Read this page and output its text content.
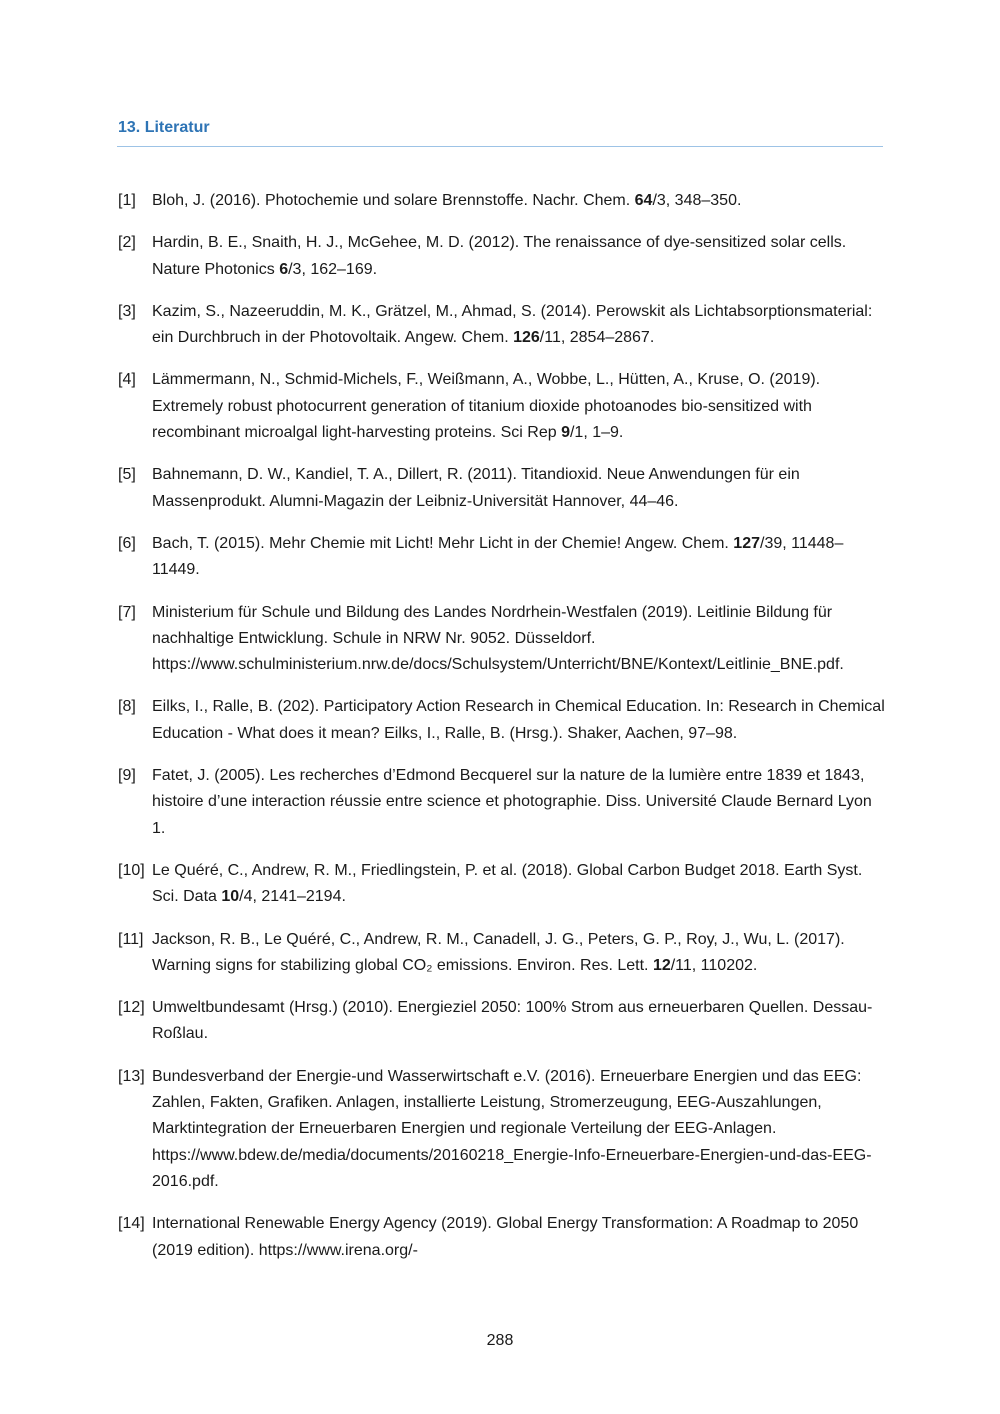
13. Literatur
[1]	Bloh, J. (2016). Photochemie und solare Brennstoffe. Nachr. Chem. 64/3, 348–350.
[2]	Hardin, B. E., Snaith, H. J., McGehee, M. D. (2012). The renaissance of dye-sensitized solar cells. Nature Photonics 6/3, 162–169.
[3]	Kazim, S., Nazeeruddin, M. K., Grätzel, M., Ahmad, S. (2014). Perowskit als Lichtabsorptionsmaterial: ein Durchbruch in der Photovoltaik. Angew. Chem. 126/11, 2854–2867.
[4]	Lämmermann, N., Schmid-Michels, F., Weißmann, A., Wobbe, L., Hütten, A., Kruse, O. (2019). Extremely robust photocurrent generation of titanium dioxide photoanodes bio-sensitized with recombinant microalgal light-harvesting proteins. Sci Rep 9/1, 1–9.
[5]	Bahnemann, D. W., Kandiel, T. A., Dillert, R. (2011). Titandioxid. Neue Anwendungen für ein Massenprodukt. Alumni-Magazin der Leibniz-Universität Hannover, 44–46.
[6]	Bach, T. (2015). Mehr Chemie mit Licht! Mehr Licht in der Chemie! Angew. Chem. 127/39, 11448–11449.
[7]	Ministerium für Schule und Bildung des Landes Nordrhein-Westfalen (2019). Leitlinie Bildung für nachhaltige Entwicklung. Schule in NRW Nr. 9052. Düsseldorf. https://www.schulministerium.nrw.de/docs/Schulsystem/Unterricht/BNE/Kontext/Leitlinie_BNE.pdf.
[8]	Eilks, I., Ralle, B. (202). Participatory Action Research in Chemical Education. In: Research in Chemical Education - What does it mean? Eilks, I., Ralle, B. (Hrsg.). Shaker, Aachen, 97–98.
[9]	Fatet, J. (2005). Les recherches d’Edmond Becquerel sur la nature de la lumière entre 1839 et 1843, histoire d’une interaction réussie entre science et photographie. Diss. Université Claude Bernard Lyon 1.
[10] Le Quéré, C., Andrew, R. M., Friedlingstein, P. et al. (2018). Global Carbon Budget 2018. Earth Syst. Sci. Data 10/4, 2141–2194.
[11] Jackson, R. B., Le Quéré, C., Andrew, R. M., Canadell, J. G., Peters, G. P., Roy, J., Wu, L. (2017). Warning signs for stabilizing global CO₂ emissions. Environ. Res. Lett. 12/11, 110202.
[12] Umweltbundesamt (Hrsg.) (2010). Energieziel 2050: 100% Strom aus erneuerbaren Quellen. Dessau-Roßlau.
[13] Bundesverband der Energie-und Wasserwirtschaft e.V. (2016). Erneuerbare Energien und das EEG: Zahlen, Fakten, Grafiken. Anlagen, installierte Leistung, Stromerzeugung, EEG-Auszahlungen, Marktintegration der Erneuerbaren Energien und regionale Verteilung der EEG-Anlagen. https://www.bdew.de/media/documents/20160218_Energie-Info-Erneuerbare-Energien-und-das-EEG-2016.pdf.
[14] International Renewable Energy Agency (2019). Global Energy Transformation: A Roadmap to 2050 (2019 edition). https://www.irena.org/-
288
